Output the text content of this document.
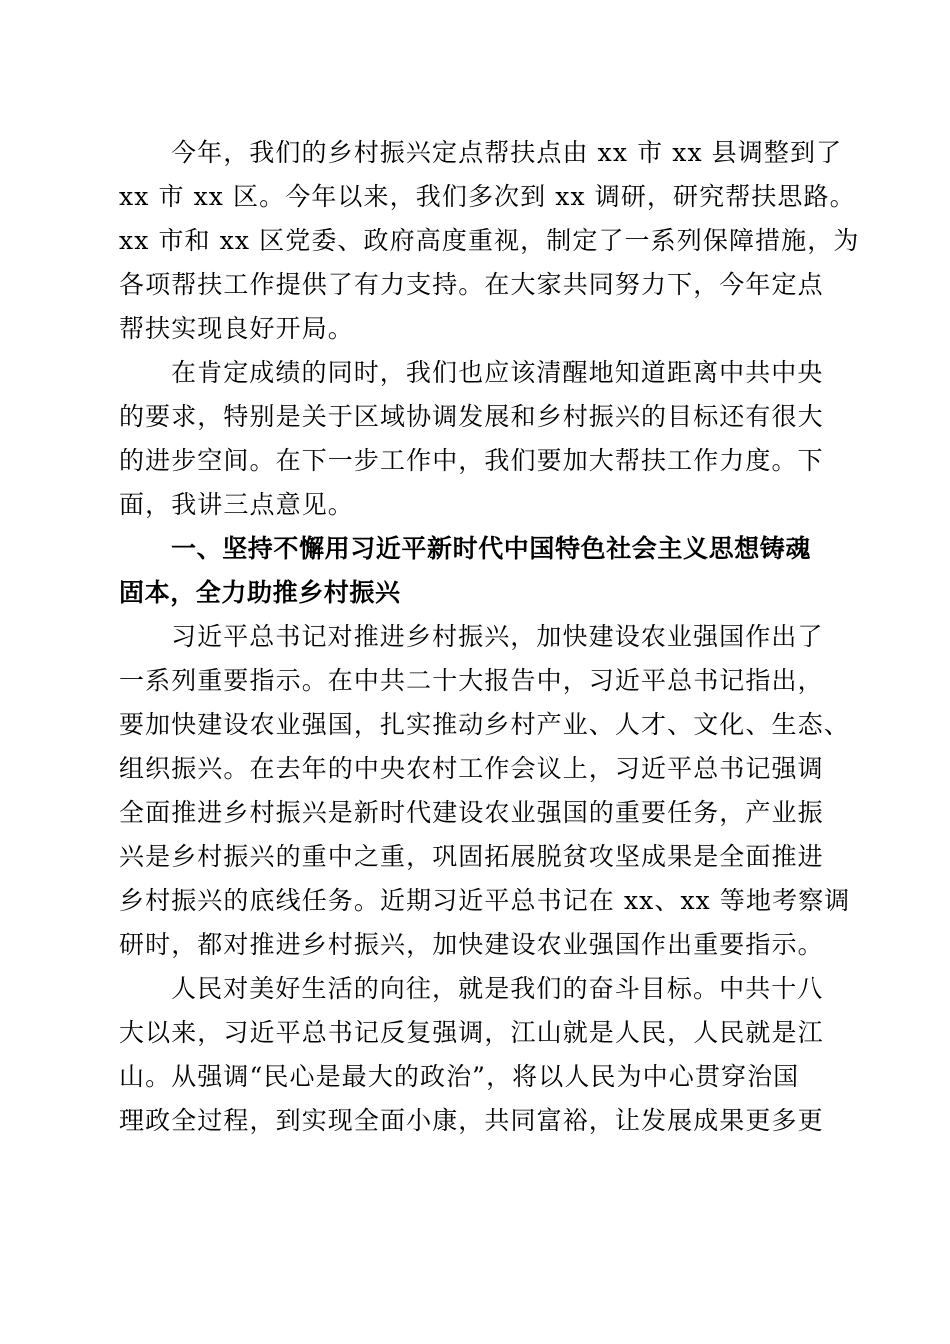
今年，我们的乡村振兴定点帮扶点由 xx 市 xx 县调整到了
xx 市 xx 区。今年以来，我们多次到 xx 调研，研究帮扶思路。
xx 市和 xx 区党委、政府高度重视，制定了一系列保障措施，为
各项帮扶工作提供了有力支持。在大家共同努力下，今年定点
帮扶实现良好开局。
在肯定成绩的同时，我们也应该清醒地知道距离中共中央
的要求，特别是关于区域协调发展和乡村振兴的目标还有很大
的进步空间。在下一步工作中，我们要加大帮扶工作力度。下
面，我讲三点意见。
一、坚持不懈用习近平新时代中国特色社会主义思想铸魂
固本，全力助推乡村振兴
习近平总书记对推进乡村振兴，加快建设农业强国作出了
一系列重要指示。在中共二十大报告中，习近平总书记指出，
要加快建设农业强国，扎实推动乡村产业、人才、文化、生态、
组织振兴。在去年的中央农村工作会议上，习近平总书记强调
全面推进乡村振兴是新时代建设农业强国的重要任务，产业振
兴是乡村振兴的重中之重，巩固拓展脱贫攻坚成果是全面推进
乡村振兴的底线任务。近期习近平总书记在 xx、xx 等地考察调
研时，都对推进乡村振兴，加快建设农业强国作出重要指示。
人民对美好生活的向往，就是我们的奋斗目标。中共十八
大以来，习近平总书记反复强调，江山就是人民，人民就是江
山。从强调“民心是最大的政治”，将以人民为中心贯穿治国
理政全过程，到实现全面小康，共同富裕，让发展成果更多更
